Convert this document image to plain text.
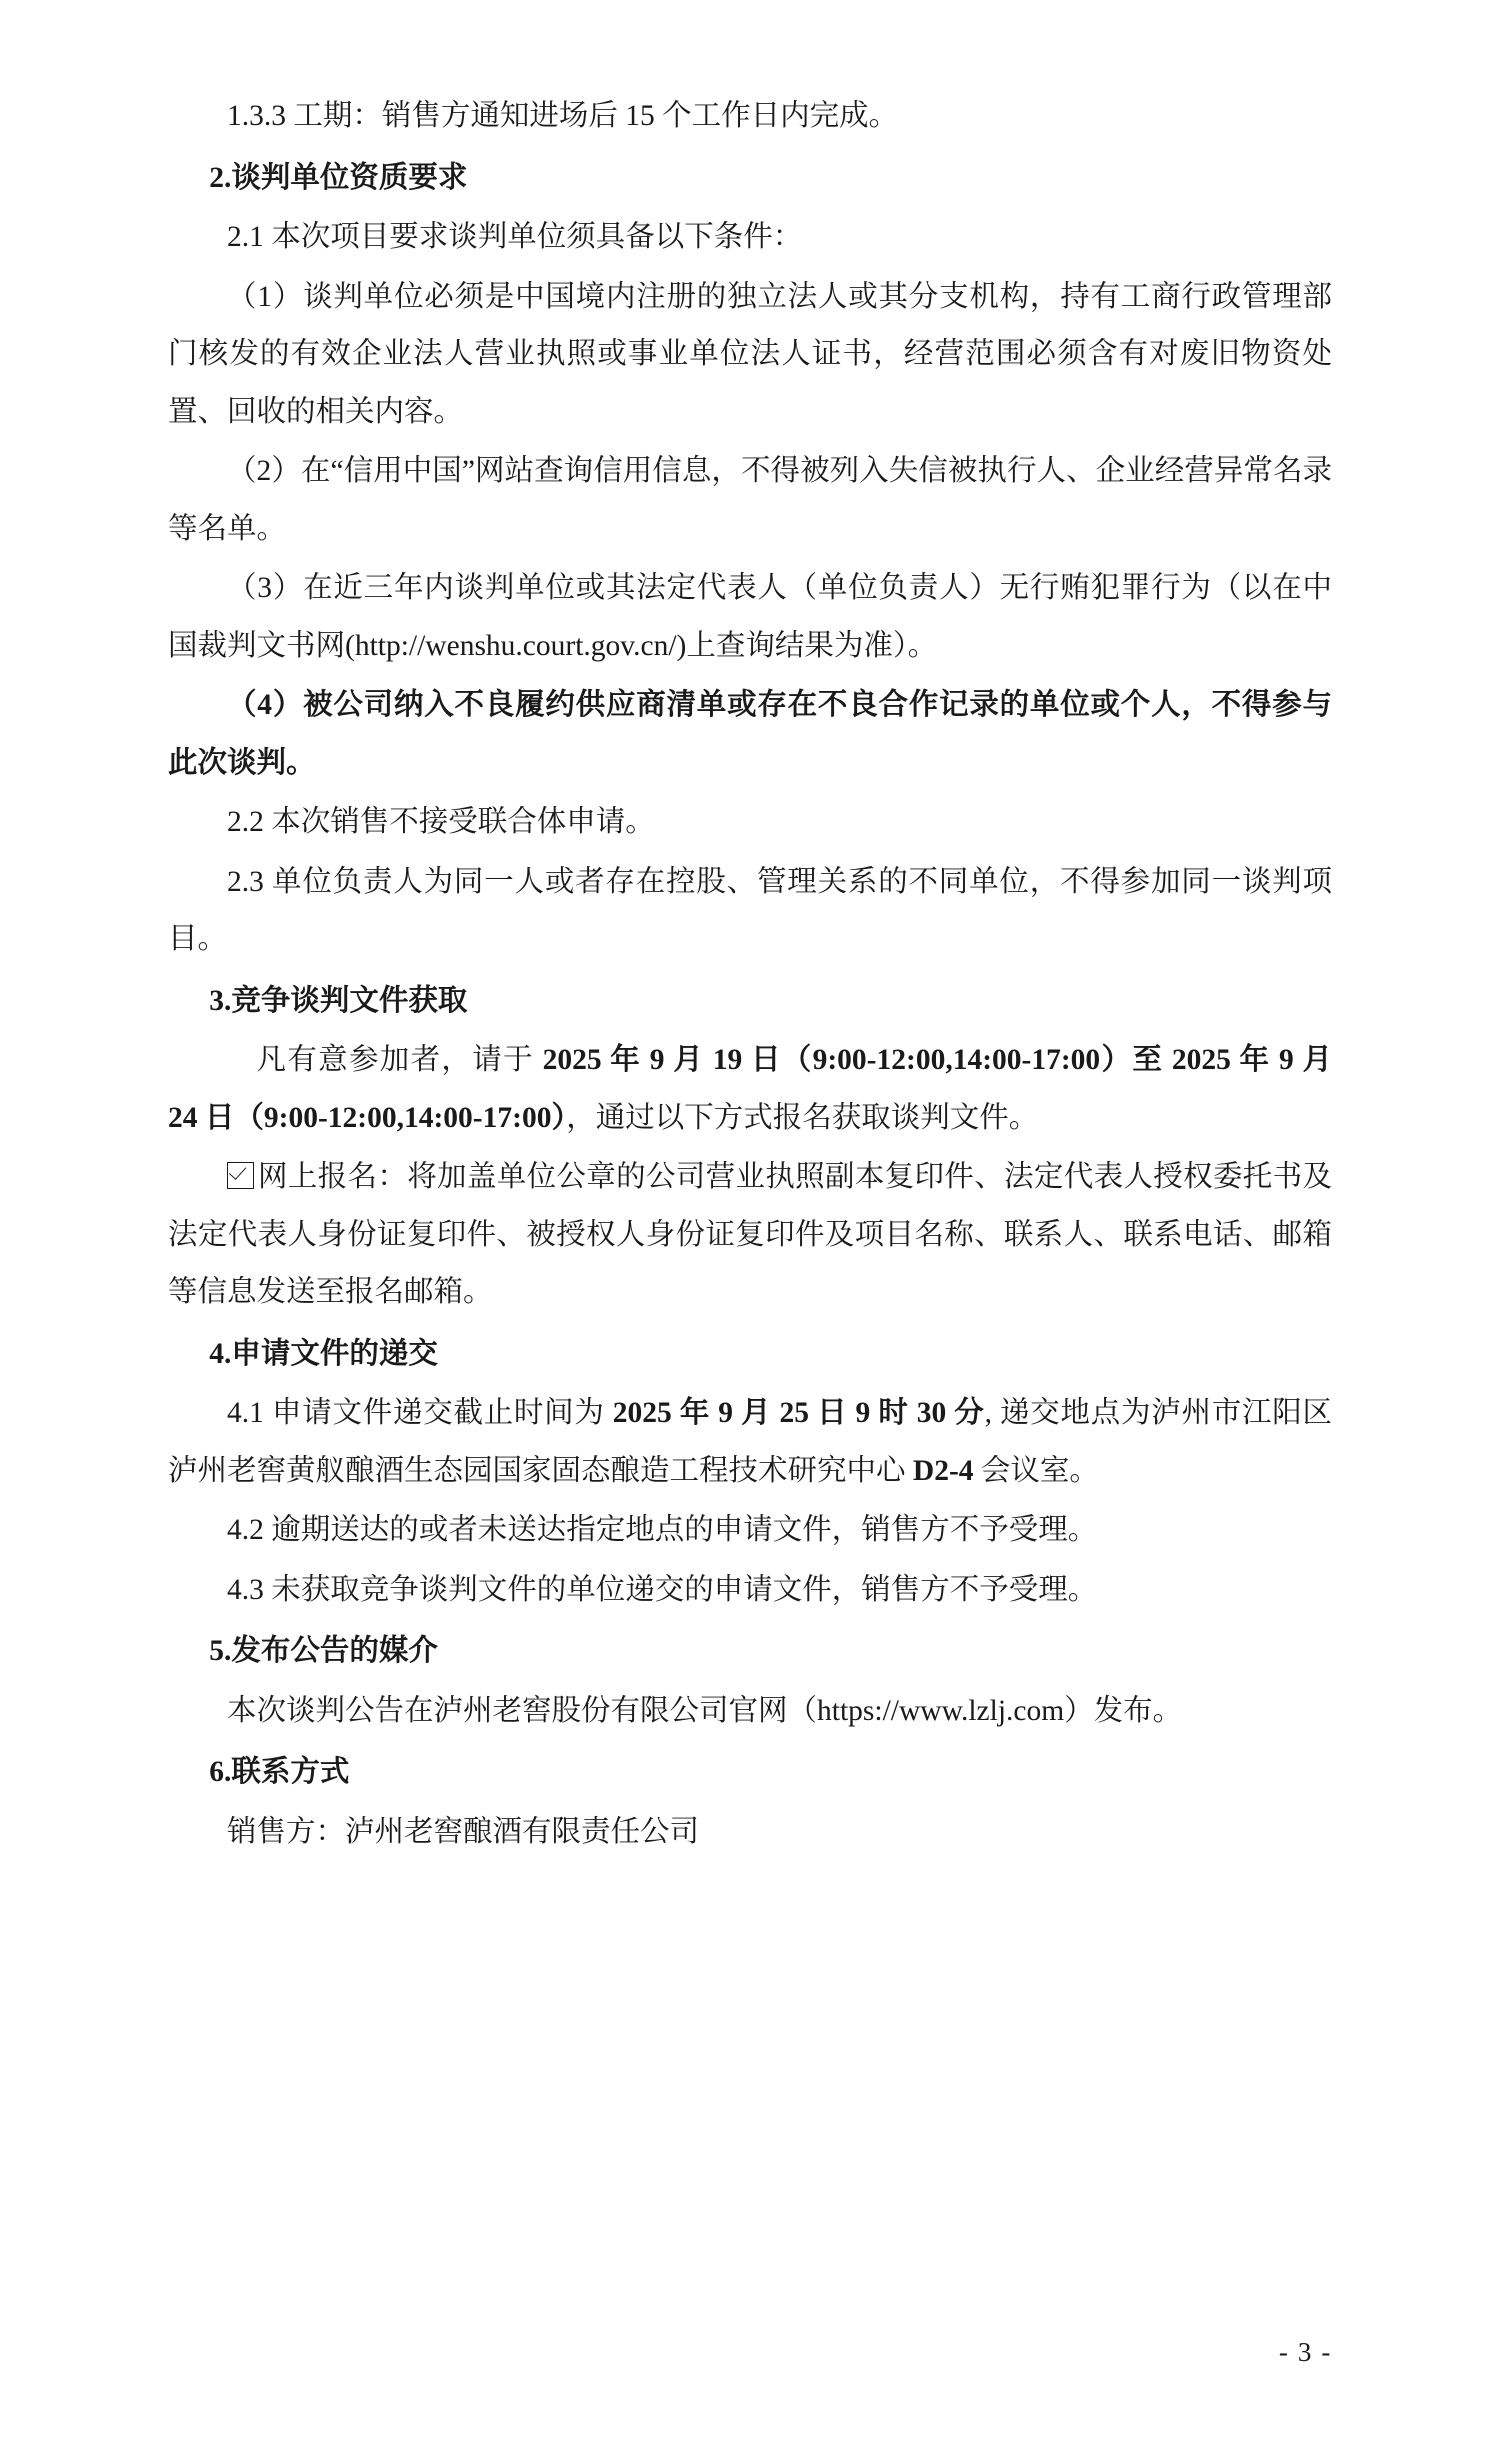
1.3.3 工期：销售方通知进场后 15 个工作日内完成。

2.谈判单位资质要求

2.1 本次项目要求谈判单位须具备以下条件：

（1）谈判单位必须是中国境内注册的独立法人或其分支机构，持有工商行政管理部门核发的有效企业法人营业执照或事业单位法人证书，经营范围必须含有对废旧物资处置、回收的相关内容。

（2）在“信用中国”网站查询信用信息，不得被列入失信被执行人、企业经营异常名录等名单。

（3）在近三年内谈判单位或其法定代表人（单位负责人）无行贿犯罪行为（以在中国裁判文书网(http://wenshu.court.gov.cn/)上查询结果为准）。

（4）被公司纳入不良履约供应商清单或存在不良合作记录的单位或个人，不得参与此次谈判。

2.2 本次销售不接受联合体申请。

2.3 单位负责人为同一人或者存在控股、管理关系的不同单位，不得参加同一谈判项目。

3.竞争谈判文件获取

凡有意参加者，请于 2025 年 9 月 19 日（9:00-12:00,14:00-17:00）至 2025 年 9 月 24 日（9:00-12:00,14:00-17:00），通过以下方式报名获取谈判文件。

网上报名：将加盖单位公章的公司营业执照副本复印件、法定代表人授权委托书及法定代表人身份证复印件、被授权人身份证复印件及项目名称、联系人、联系电话、邮箱等信息发送至报名邮箱。

4.申请文件的递交

4.1 申请文件递交截止时间为 2025 年 9 月 25 日 9 时 30 分, 递交地点为泸州市江阳区泸州老窖黄舣酿酒生态园国家固态酿造工程技术研究中心 D2-4 会议室。

4.2 逾期送达的或者未送达指定地点的申请文件，销售方不予受理。

4.3 未获取竞争谈判文件的单位递交的申请文件，销售方不予受理。

5.发布公告的媒介

本次谈判公告在泸州老窖股份有限公司官网（https://www.lzlj.com）发布。

6.联系方式

销售方：泸州老窖酿酒有限责任公司

- 3 -
